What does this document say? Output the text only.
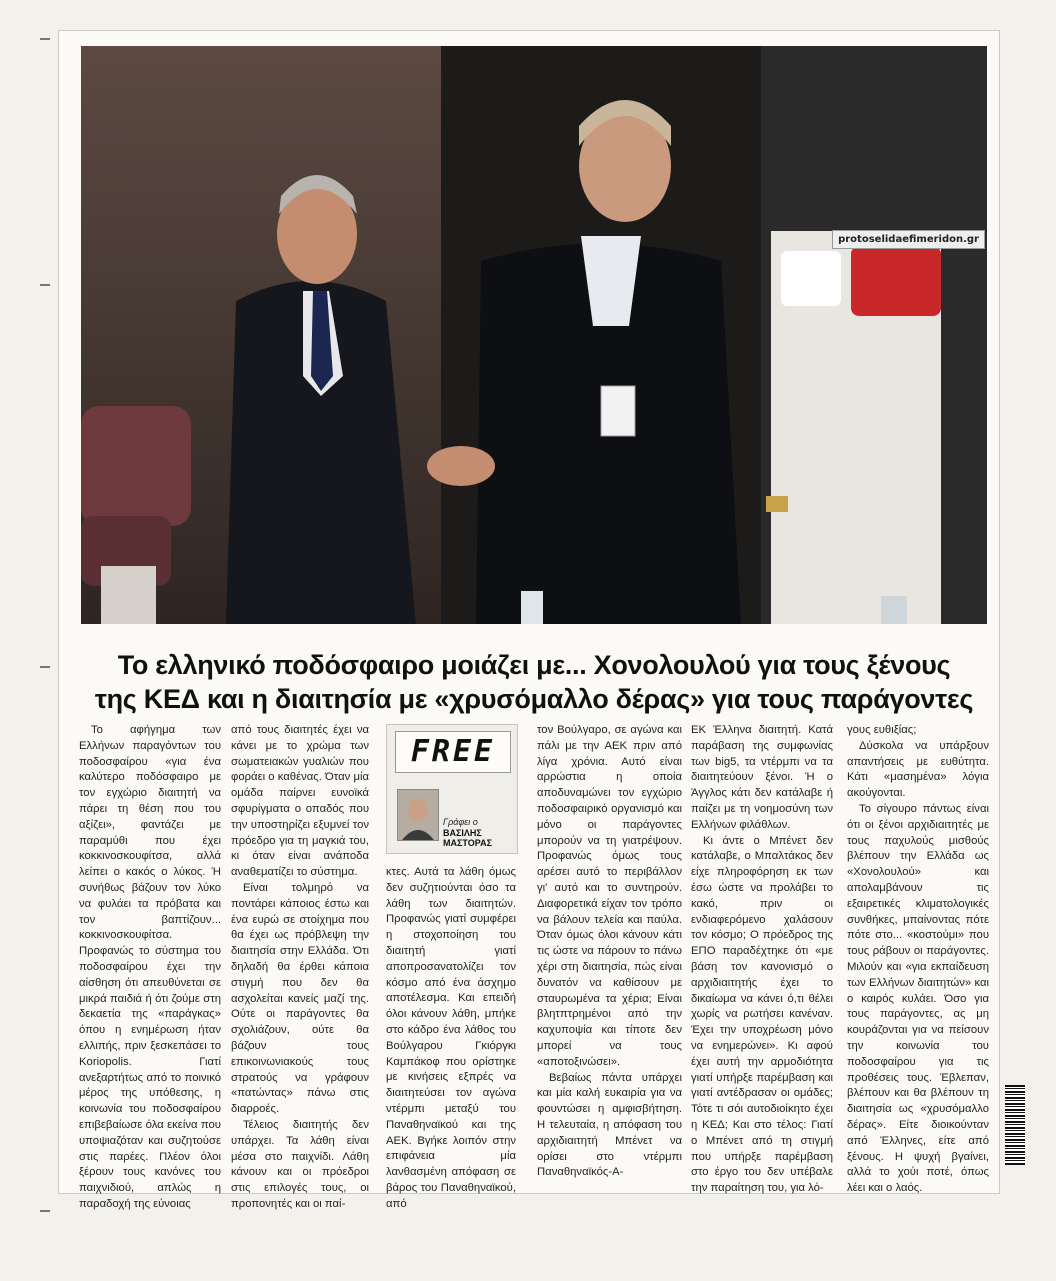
protoselidaefimeridon.gr
Το ελληνικό ποδόσφαιρο μοιάζει με... Χονολουλού για τους ξένους
της ΚΕΔ και η διαιτησία με «χρυσόμαλλο δέρας» για τους παράγοντες

Το αφήγημα των Ελλήνων παραγόντων του ποδοσφαίρου «για ένα καλύτερο ποδόσφαιρο με τον εγχώριο διαιτητή να πάρει τη θέση που του αξίζει», φαντάζει με παραμύθι που έχει κοκκινοσκουφίτσα, αλλά λείπει ο κακός ο λύκος. Ή συνήθως βάζουν τον λύκο να φυλάει τα πρόβατα και τον βαπτίζουν... κοκκινοσκουφίτσα. Προφανώς το σύστημα του ποδοσφαίρου έχει την αίσθηση ότι απευθύνεται σε μικρά παιδιά ή ότι ζούμε στη δεκαετία της «παράγκας» όπου η ενημέρωση ήταν ελλιπής, πριν ξεσκεπάσει το Koriopolis. Γιατί ανεξαρτήτως από το ποινικό μέρος της υπόθεσης, η κοινωνία του ποδοσφαίρου επιβεβαίωσε όλα εκείνα που υποψιαζόταν και συζητούσε στις παρέες. Πλέον όλοι ξέρουν τους κανόνες του παιχνιδιού, απλώς η παραδοχή της εύνοιας

από τους διαιτητές έχει να κάνει με το χρώμα των σωματειακών γυαλιών που φοράει ο καθένας. Όταν μία ομάδα παίρνει ευνοϊκά σφυρίγματα ο οπαδός που την υποστηρίζει εξυμνεί τον πρόεδρο για τη μαγκιά του, κι όταν είναι ανάποδα αναθεματίζει το σύστημα.

Είναι τολμηρό να ποντάρει κάποιος έστω και ένα ευρώ σε στοίχημα που θα έχει ως πρόβλεψη την διαιτησία στην Ελλάδα. Ότι δηλαδή θα έρθει κάποια στιγμή που δεν θα ασχολείται κανείς μαζί της. Ούτε οι παράγοντες θα σχολιάζουν, ούτε θα βάζουν τους επικοινωνιακούς τους στρατούς να γράφουν «πατώντας» πάνω στις διαρροές.

Τέλειος διαιτητής δεν υπάρχει. Τα λάθη είναι μέσα στο παιχνίδι. Λάθη κάνουν και οι πρόεδροι στις επιλογές τους, οι προπονητές και οι παί-

FREE
Γράφει ο
ΒΑΣΙΛΗΣ
ΜΑΣΤΟΡΑΣ

κτες. Αυτά τα λάθη όμως δεν συζητιούνται όσο τα λάθη των διαιτητών. Προφανώς γιατί συμφέρει η στοχοποίηση του διαιτητή γιατί αποπροσανατολίζει τον κόσμο από ένα άσχημο αποτέλεσμα. Και επειδή όλοι κάνουν λάθη, μπήκε στο κάδρο ένα λάθος του Βούλγαρου Γκιόργκι Καμπάκοφ που ορίστηκε με κινήσεις εξπρές να διαιτητεύσει τον αγώνα ντέρμπι μεταξύ του Παναθηναϊκού και της ΑΕΚ. Βγήκε λοιπόν στην επιφάνεια μία λανθασμένη απόφαση σε βάρος του Παναθηναϊκού, από

τον Βούλγαρο, σε αγώνα και πάλι με την ΑΕΚ πριν από λίγα χρόνια. Αυτό είναι αρρώστια η οποία αποδυναμώνει τον εγχώριο ποδοσφαιρικό οργανισμό και μόνο οι παράγοντες μπορούν να τη γιατρέψουν. Προφανώς όμως τους αρέσει αυτό το περιβάλλον γι' αυτό και το συντηρούν. Διαφορετικά είχαν τον τρόπο να βάλουν τελεία και παύλα. Όταν όμως όλοι κάνουν κάτι τις ώστε να πάρουν το πάνω χέρι στη διαιτησία, πώς είναι δυνατόν να καθίσουν με σταυρωμένα τα χέρια; Είναι βλητπτρημένοι από την καχυποψία και τίποτε δεν μπορεί να τους «αποτοξινώσει».

Βεβαίως πάντα υπάρχει και μία καλή ευκαιρία για να φουντώσει η αμφισβήτηση. Η τελευταία, η απόφαση του αρχιδιαιτητή Μπένετ να ορίσει στο ντέρμπι Παναθηναϊκός-Α-

ΕΚ Έλληνα διαιτητή. Κατά παράβαση της συμφωνίας των big5, τα ντέρμπι να τα διαιτητεύουν ξένοι. Ή ο Άγγλος κάτι δεν κατάλαβε ή παίζει με τη νοημοσύνη των Ελλήνων φιλάθλων.

Κι άντε ο Μπένετ δεν κατάλαβε, ο Μπαλτάκος δεν είχε πληροφόρηση εκ των έσω ώστε να προλάβει το κακό, πριν οι ενδιαφερόμενο χαλάσουν τον κόσμο; Ο πρόεδρος της ΕΠΟ παραδέχτηκε ότι «με βάση τον κανονισμό ο αρχιδιαιτητής έχει το δικαίωμα να κάνει ό,τι θέλει χωρίς να ρωτήσει κανέναν. Έχει την υποχρέωση μόνο να ενημερώνει». Κι αφού έχει αυτή την αρμοδιότητα γιατί υπήρξε παρέμβαση και γιατί αντέδρασαν οι ομάδες; Τότε τι σόι αυτοδιοίκητο έχει η ΚΕΔ; Και στο τέλος: Γιατί ο Μπένετ από τη στιγμή που υπήρξε παρέμβαση στο έργο του δεν υπέβαλε την παραίτηση του, για λό-

γους ευθιξίας;

Δύσκολα να υπάρξουν απαντήσεις με ευθύτητα. Κάτι «μασημένα» λόγια ακούγονται.

Το σίγουρο πάντως είναι ότι οι ξένοι αρχιδιαιτητές με τους παχυλούς μισθούς βλέπουν την Ελλάδα ως «Χονολουλού» και απολαμβάνουν τις εξαιρετικές κλιματολογικές συνθήκες, μπαίνοντας πότε πότε στο... «κοστούμι» που τους ράβουν οι παράγοντες. Μιλούν και «για εκπαίδευση των Ελλήνων διαιτητών» και ο καιρός κυλάει. Όσο για τους παράγοντες, ας μη κουράζονται για να πείσουν την κοινωνία του ποδοσφαίρου για τις προθέσεις τους. Έβλεπαν, βλέπουν και θα βλέπουν τη διαιτησία ως «χρυσόμαλλο δέρας». Είτε διοικούνταν από Έλληνες, είτε από ξένους. Η ψυχή βγαίνει, αλλά το χούι ποτέ, όπως λέει και ο λαός.
